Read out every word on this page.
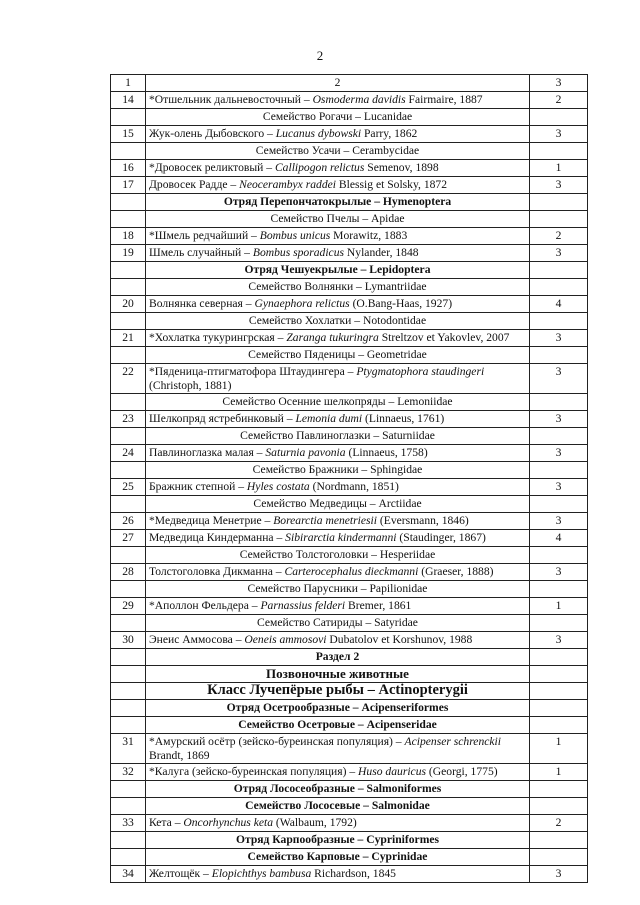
2
1	2	3
14	*Отшельник дальневосточный – Osmoderma davidis Fairmaire, 1887	2
	Семейство Рогачи – Lucanidae	
15	Жук-олень Дыбовского – Lucanus dybowski Parry, 1862	3
	Семейство Усачи – Cerambycidae	
16	*Дровосек реликтовый – Callipogon relictus Semenov, 1898	1
17	Дровосек Радде – Neocerambyx raddei Blessig et Solsky, 1872	3
	Отряд Перепончатокрылые – Hymenoptera	
	Семейство Пчелы – Apidae	
18	*Шмель редчайший – Bombus unicus Morawitz, 1883	2
19	Шмель случайный – Bombus sporadicus Nylander, 1848	3
	Отряд Чешуекрылые – Lepidoptera	
	Семейство Волнянки – Lymantriidae	
20	Волнянка северная – Gynaephora relictus (O.Bang-Haas, 1927)	4
	Семейство Хохлатки – Notodontidae	
21	*Хохлатка тукурингрская – Zaranga tukuringra Streltzov et Yakovlev, 2007	3
	Семейство Пяденицы – Geometridae	
22	*Пяденица-птигматофора Штаудингера – Ptygmatophora staudingeri (Christoph, 1881)	3
	Семейство Осенние шелкопряды – Lemoniidae	
23	Шелкопряд ястребинковый – Lemonia dumi (Linnaeus, 1761)	3
	Семейство Павлиноглазки – Saturniidae	
24	Павлиноглазка малая – Saturnia pavonia (Linnaeus, 1758)	3
	Семейство Бражники – Sphingidae	
25	Бражник степной – Hyles costata (Nordmann, 1851)	3
	Семейство Медведицы – Arctiidae	
26	*Медведица Менетрие – Borearctia menetriesii (Eversmann, 1846)	3
27	Медведица Киндерманна – Sibirarctia kindermanni (Staudinger, 1867)	4
	Семейство Толстоголовки – Hesperiidae	
28	Толстоголовка Дикманна – Carterocephalus dieckmanni (Graeser, 1888)	3
	Семейство Парусники – Papilionidae	
29	*Аполлон Фельдера – Parnassius felderi Bremer, 1861	1
	Семейство Сатириды – Satyridae	
30	Энеис Аммосова – Oeneis ammosovi Dubatolov et Korshunov, 1988	3
	Раздел 2	
	Позвоночные животные	
	Класс Лучепёрые рыбы – Actinopterygii	
	Отряд Осетрообразные – Acipenseriformes	
	Семейство Осетровые – Acipenseridae	
31	*Амурский осётр (зейско-буреинская популяция) – Acipenser schrenckii Brandt, 1869	1
32	*Калуга (зейско-буреинская популяция) – Huso dauricus (Georgi, 1775)	1
	Отряд Лососеобразные – Salmoniformes	
	Семейство Лососевые – Salmonidae	
33	Кета – Oncorhynchus keta (Walbaum, 1792)	2
	Отряд Карпообразные – Cypriniformes	
	Семейство Карповые – Cyprinidae	
34	Желтощёк – Elopichthys bambusa Richardson, 1845	3
